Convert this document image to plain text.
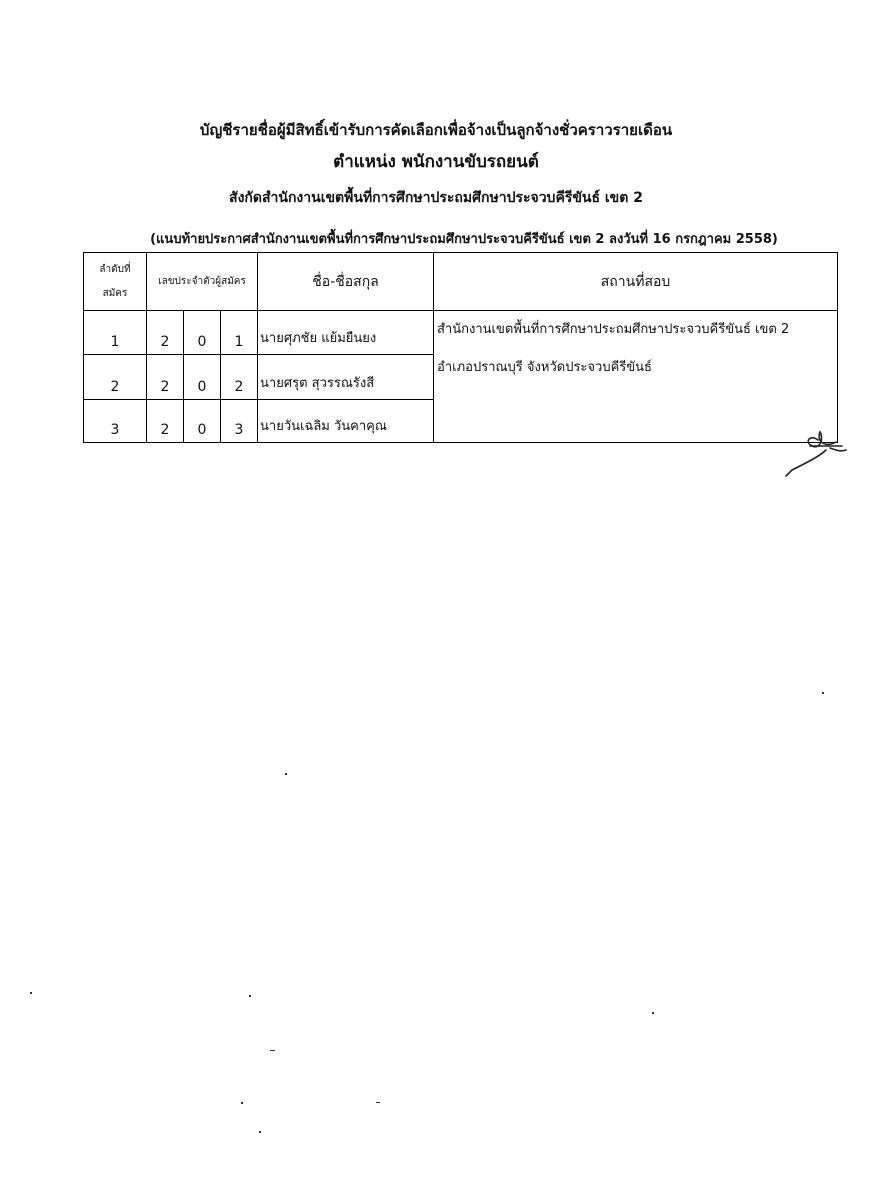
บัญชีรายชื่อผู้มีสิทธิ์เข้ารับการคัดเลือกเพื่อจ้างเป็นลูกจ้างชั่วคราวรายเดือน
ตำแหน่ง พนักงานขับรถยนต์
สังกัดสำนักงานเขตพื้นที่การศึกษาประถมศึกษาประจวบคีรีขันธ์ เขต 2
(แนบท้ายประกาศสำนักงานเขตพื้นที่การศึกษาประถมศึกษาประจวบคีรีขันธ์ เขต 2 ลงวันที่ 16 กรกฎาคม 2558)
ลำดับที่
สมัคร	เลขประจำตัวผู้สมัคร			ชื่อ-ชื่อสกุล	สถานที่สอบ
1	2	0	1	นายศุภชัย แย้มยืนยง	สำนักงานเขตพื้นที่การศึกษาประถมศึกษาประจวบคีรีขันธ์ เขต 2
อำเภอปราณบุรี จังหวัดประจวบคีรีขันธ์

2	2	0	2	นายศรุต สุวรรณรังสี	
3	2	0	3	นายวันเฉลิม วันคาคุณ	
